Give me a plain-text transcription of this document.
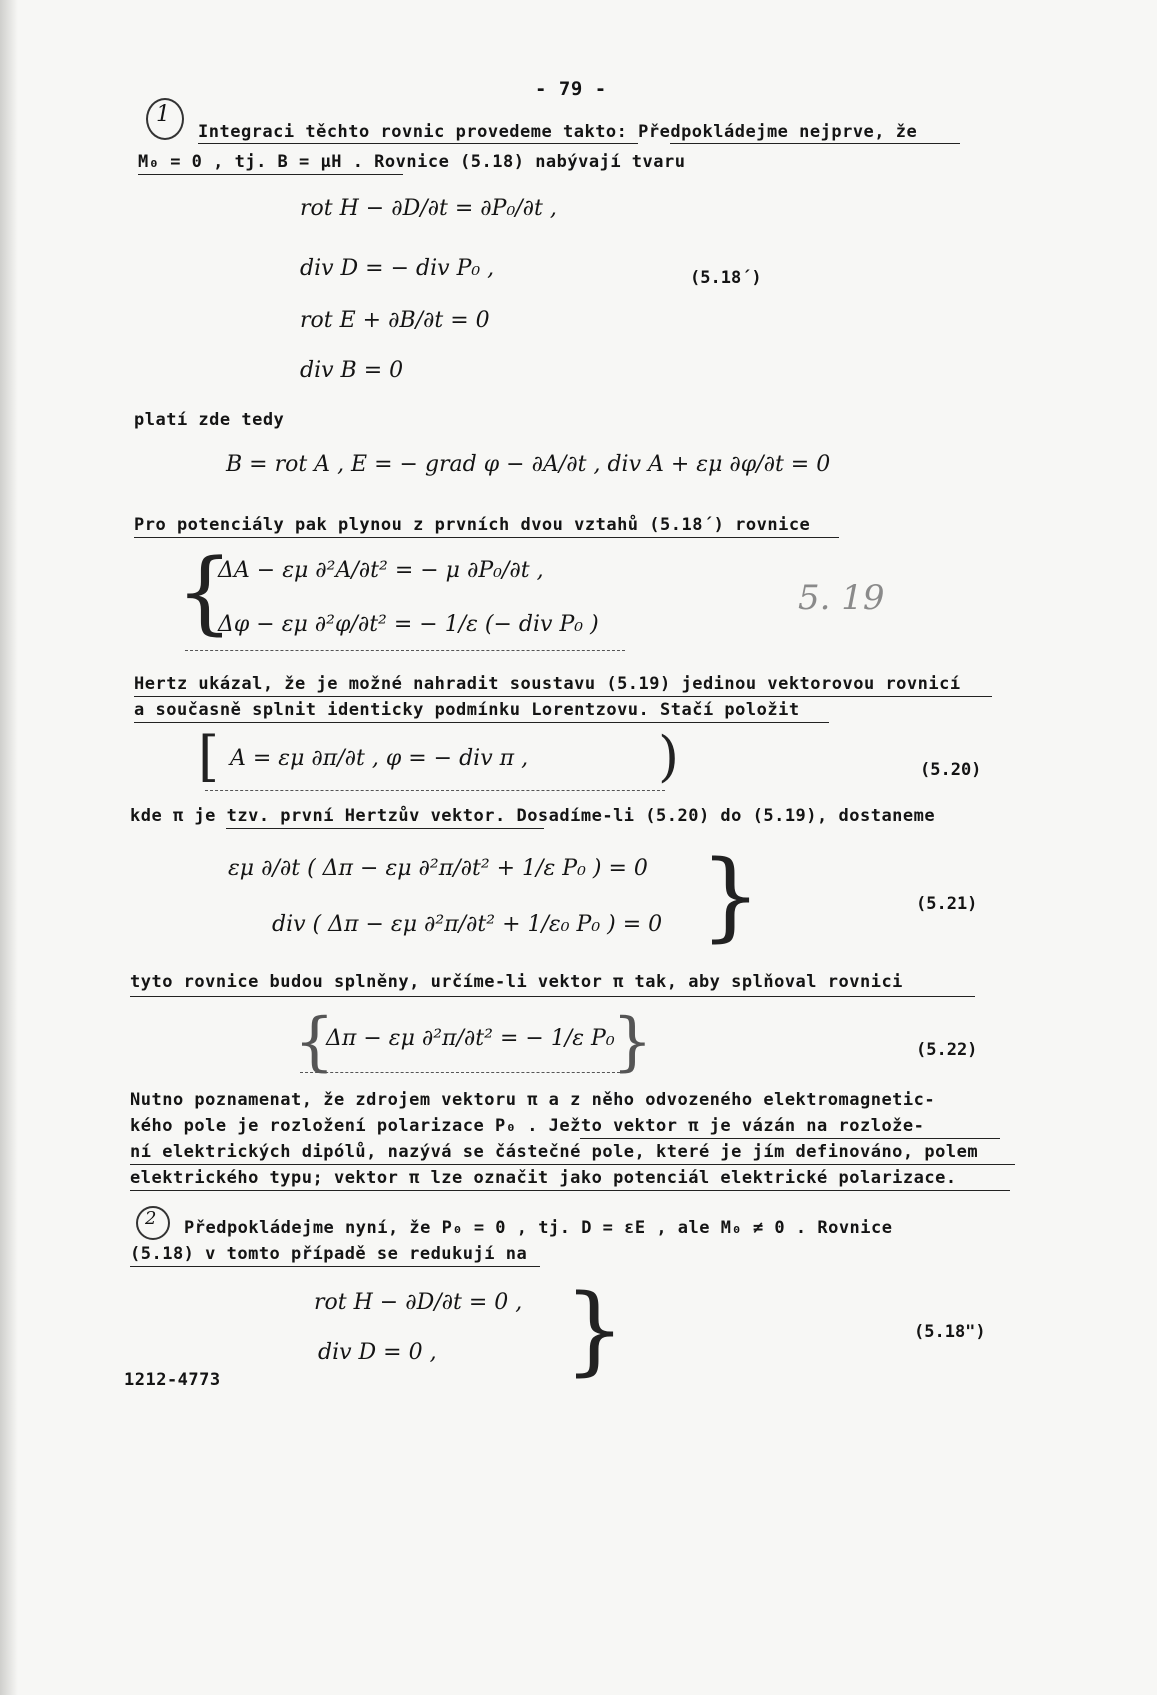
- 79 -
1
Integraci těchto rovnic provedeme takto: Předpokládejme nejprve, že
M₀ = 0 , tj. B = μH . Rovnice (5.18) nabývají tvaru
rot H − ∂D/∂t = ∂P₀/∂t ,
div D = − div P₀ ,
rot E + ∂B/∂t = 0
div B = 0
(5.18´)
platí zde tedy
B = rot A , E = − grad φ − ∂A/∂t , div A + εμ ∂φ/∂t = 0
Pro potenciály pak plynou z prvních dvou vztahů (5.18´) rovnice
{
ΔA − εμ ∂²A/∂t² = − μ ∂P₀/∂t ,
Δφ − εμ ∂²φ/∂t² = − 1/ε (− div P₀ )
5. 19
Hertz ukázal, že je možné nahradit soustavu (5.19) jedinou vektorovou rovnicí
a současně splnit identicky podmínku Lorentzovu. Stačí položit
[ A = εμ ∂π/∂t , φ = − div π , )	(5.20)
kde π je tzv. první Hertzův vektor. Dosadíme-li (5.20) do (5.19), dostaneme
εμ ∂/∂t ( Δπ − εμ ∂²π/∂t² + 1/ε P₀ ) = 0
div ( Δπ − εμ ∂²π/∂t² + 1/ε₀ P₀ ) = 0 }	(5.21)
tyto rovnice budou splněny, určíme-li vektor π tak, aby splňoval rovnici
{
Δπ − εμ ∂²π/∂t² = − 1/ε P₀
}	(5.22)
Nutno poznamenat, že zdrojem vektoru π a z něho odvozeného elektromagnetic-
kého pole je rozložení polarizace P₀ . Ježto vektor π je vázán na rozlože-
ní elektrických dipólů, nazývá se částečné pole, které je jím definováno, polem
elektrického typu; vektor π lze označit jako potenciál elektrické polarizace.
2 Předpokládejme nyní, že P₀ = 0 , tj. D = εE , ale M₀ ≠ 0 . Rovnice
(5.18) v tomto případě se redukují na
rot H − ∂D/∂t = 0 ,
div D = 0 , }	(5.18")
1212-4773
